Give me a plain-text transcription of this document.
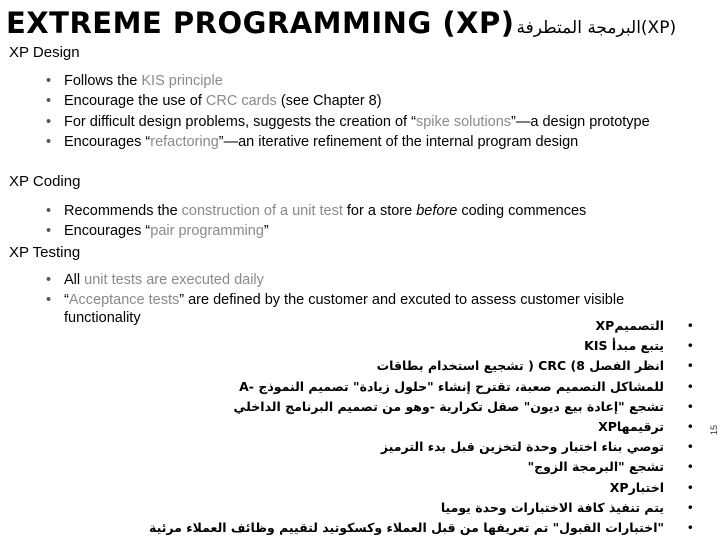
EXTREME PROGRAMMING (XP) البرمجة المتطرفة(XP)
XP Design
• Follows the KIS principle
• Encourage the use of CRC cards (see Chapter 8)
• For difficult design problems, suggests the creation of “spike solutions”—a design prototype
• Encourages “refactoring”—an iterative refinement of the internal program design
XP Coding
• Recommends the construction of a unit test for a store before coding commences
• Encourages “pair programming”
XP Testing
• All unit tests are executed daily
• “Acceptance tests” are defined by the customer and excuted to assess customer visible functionality
•	التصميمXP
• يتبع مبدأ KIS
• انظر الفصل 8) CRC ( تشجيع استخدام بطاقات
• للمشاكل التصميم صعبة، تقترح إنشاء "حلول زيادة" تصميم النموذج -A
• تشجع "إعادة بيع ديون" صقل تكرارية -وهو من تصميم البرنامج الداخلي
• ترقيمهاXP
• توصي بناء اختبار وحدة لتخزين قبل بدء الترميز
• تشجع "البرمجة الزوج"
• اختبارXP
• يتم تنفيذ كافة الاختبارات وحدة يوميا
• "اختبارات القبول" تم تعريفها من قبل العملاء وكسكوتيد لتقييم وظائف العملاء مرئية
15
